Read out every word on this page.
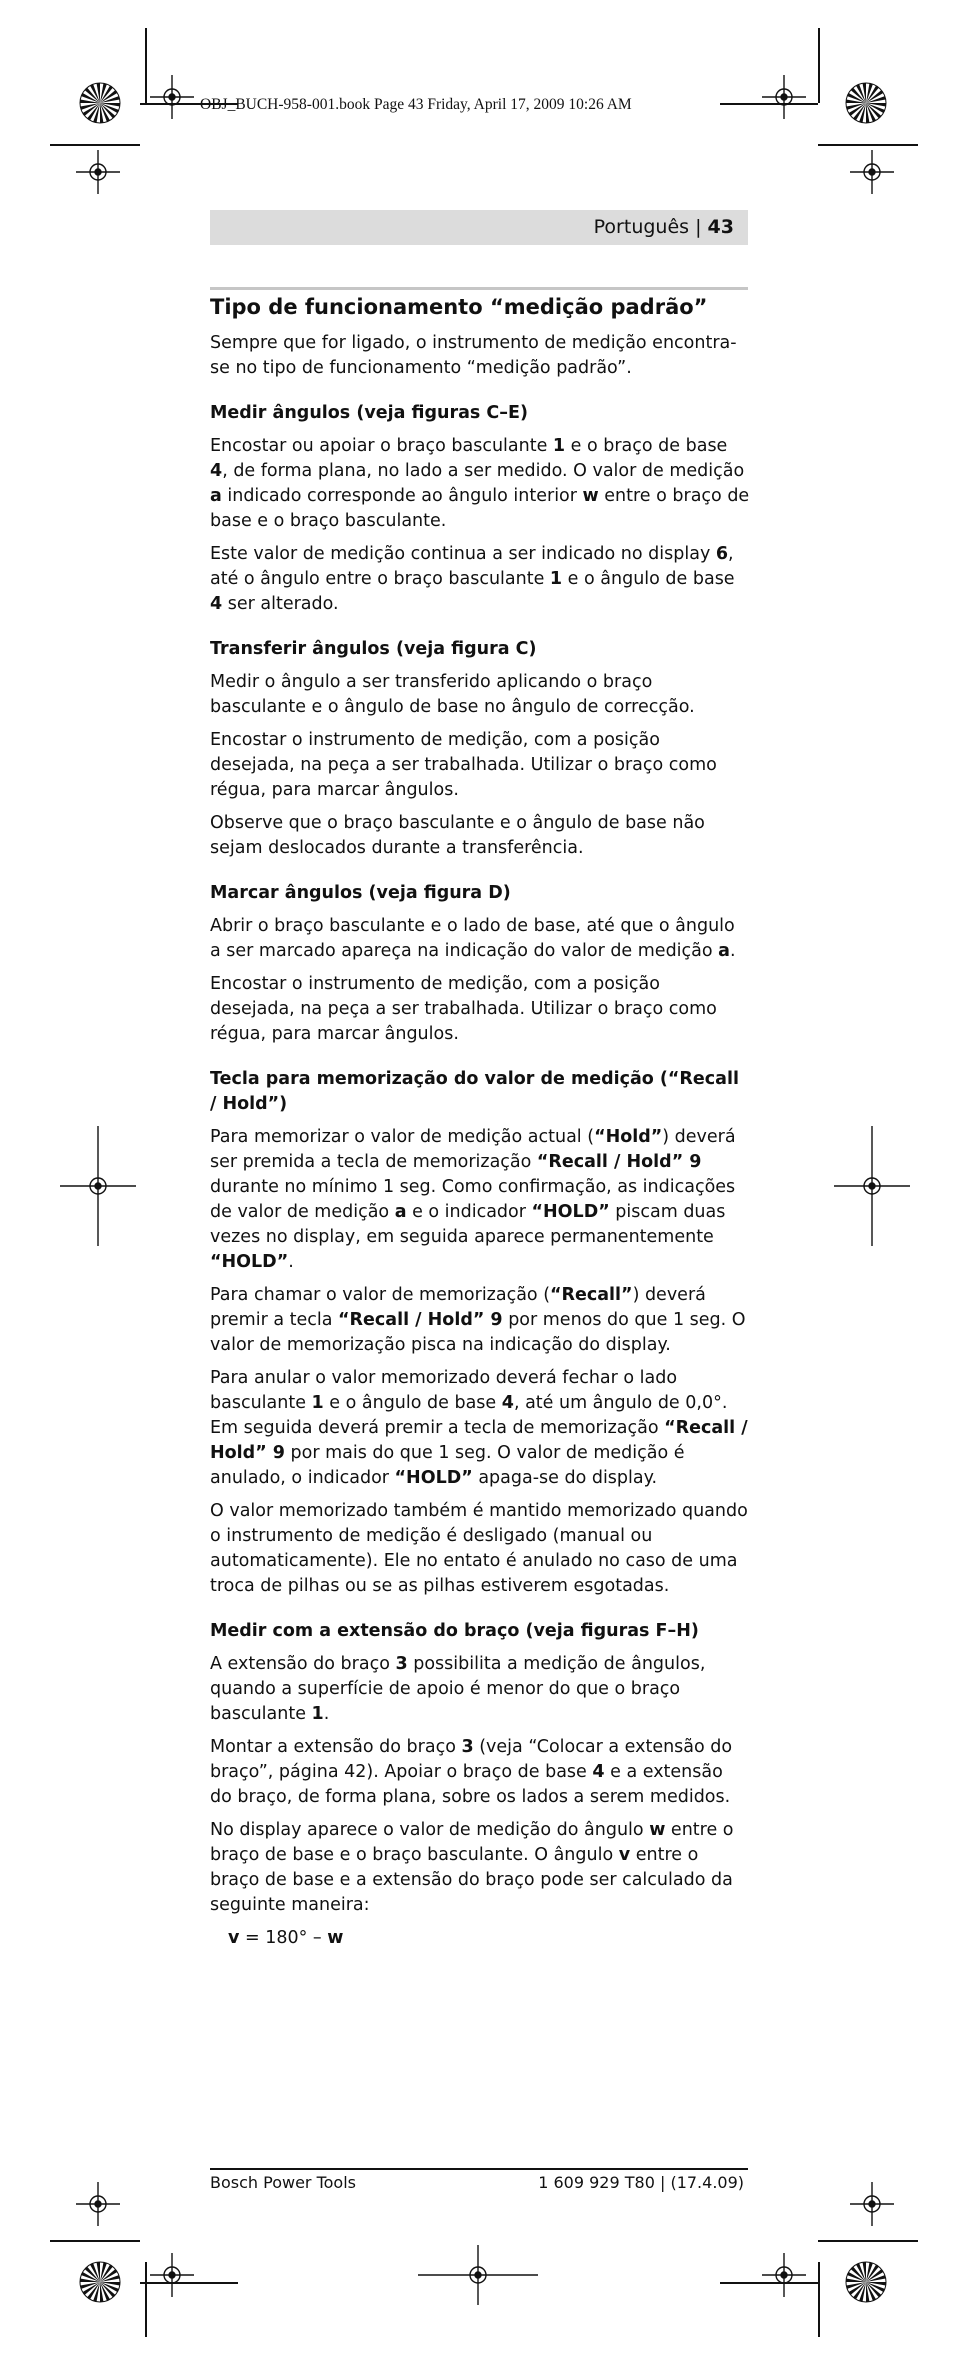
OBJ_BUCH-958-001.book Page 43 Friday, April 17, 2009 10:26 AM
Português | 43
Tipo de funcionamento “medição padrão”

Sempre que for ligado, o instrumento de medição encontra-se no tipo de funcionamento “medição padrão”.

Medir ângulos (veja figuras C–E)

Encostar ou apoiar o braço basculante 1 e o braço de base 4, de forma plana, no lado a ser medido. O valor de medição a indicado corresponde ao ângulo interior w entre o braço de base e o braço basculante.

Este valor de medição continua a ser indicado no display 6, até o ângulo entre o braço basculante 1 e o ângulo de base 4 ser alterado.

Transferir ângulos (veja figura C)

Medir o ângulo a ser transferido aplicando o braço basculante e o ângulo de base no ângulo de correcção.

Encostar o instrumento de medição, com a posição desejada, na peça a ser trabalhada. Utilizar o braço como régua, para marcar ângulos.

Observe que o braço basculante e o ângulo de base não sejam deslocados durante a transferência.

Marcar ângulos (veja figura D)

Abrir o braço basculante e o lado de base, até que o ângulo a ser marcado apareça na indicação do valor de medição a.

Encostar o instrumento de medição, com a posição desejada, na peça a ser trabalhada. Utilizar o braço como régua, para marcar ângulos.

Tecla para memorização do valor de medição (“Recall / Hold”)

Para memorizar o valor de medição actual (“Hold”) deverá ser premida a tecla de memorização “Recall / Hold” 9 durante no mínimo 1 seg. Como confirmação, as indicações de valor de medição a e o indicador “HOLD” piscam duas vezes no display, em seguida aparece permanentemente “HOLD”.

Para chamar o valor de memorização (“Recall”) deverá premir a tecla “Recall / Hold” 9 por menos do que 1 seg. O valor de memorização pisca na indicação do display.

Para anular o valor memorizado deverá fechar o lado basculante 1 e o ângulo de base 4, até um ângulo de 0,0°. Em seguida deverá premir a tecla de memorização “Recall / Hold” 9 por mais do que 1 seg. O valor de medição é anulado, o indicador “HOLD” apaga-se do display.

O valor memorizado também é mantido memorizado quando o instrumento de medição é desligado (manual ou automaticamente). Ele no entato é anulado no caso de uma troca de pilhas ou se as pilhas estiverem esgotadas.

Medir com a extensão do braço (veja figuras F–H)

A extensão do braço 3 possibilita a medição de ângulos, quando a superfície de apoio é menor do que o braço basculante 1.

Montar a extensão do braço 3 (veja “Colocar a extensão do braço”, página 42). Apoiar o braço de base 4 e a extensão do braço, de forma plana, sobre os lados a serem medidos.

No display aparece o valor de medição do ângulo w entre o braço de base e o braço basculante. O ângulo v entre o braço de base e a extensão do braço pode ser calculado da seguinte maneira:

v = 180° – w

Bosch Power Tools	1 609 929 T80 | (17.4.09)
